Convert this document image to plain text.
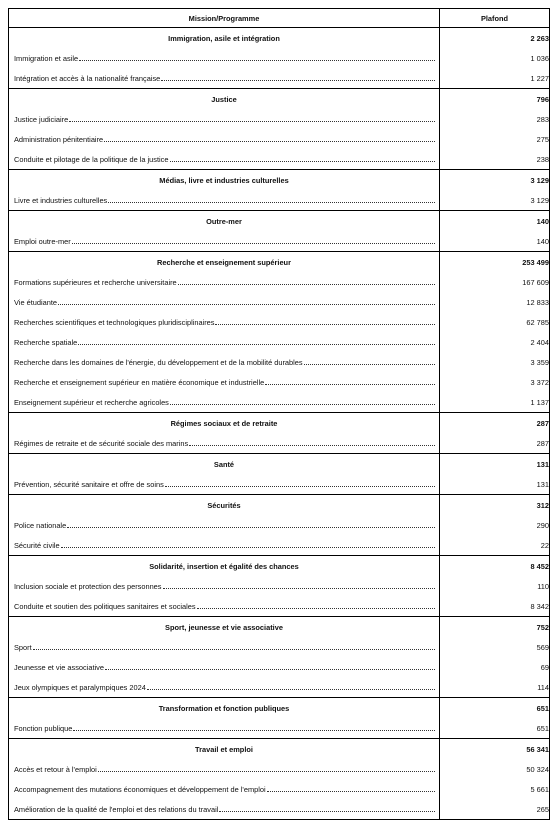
Mission/Programme	Plafond
Immigration, asile et intégration	2 263

Immigration et asile	1 036

Intégration et accès à la nationalité française	1 227
Justice	796

Justice judiciaire	283

Administration pénitentiaire	275

Conduite et pilotage de la politique de la justice	238
Médias, livre et industries culturelles	3 129

Livre et industries culturelles	3 129
Outre-mer	140

Emploi outre-mer	140
Recherche et enseignement supérieur	253 499

Formations supérieures et recherche universitaire	167 609

Vie étudiante	12 833

Recherches scientifiques et technologiques pluridisciplinaires	62 785

Recherche spatiale	2 404

Recherche dans les domaines de l'énergie, du développement et de la mobilité durables	3 359

Recherche et enseignement supérieur en matière économique et industrielle	3 372

Enseignement supérieur et recherche agricoles	1 137
Régimes sociaux et de retraite	287

Régimes de retraite et de sécurité sociale des marins	287
Santé	131

Prévention, sécurité sanitaire et offre de soins	131
Sécurités	312

Police nationale	290

Sécurité civile	22
Solidarité, insertion et égalité des chances	8 452

Inclusion sociale et protection des personnes	110

Conduite et soutien des politiques sanitaires et sociales	8 342
Sport, jeunesse et vie associative	752

Sport	569

Jeunesse et vie associative	69

Jeux olympiques et paralympiques 2024	114
Transformation et fonction publiques	651

Fonction publique	651
Travail et emploi	56 341

Accès et retour à l'emploi	50 324

Accompagnement des mutations économiques et développement de l'emploi	5 661

Amélioration de la qualité de l'emploi et des relations du travail	265
